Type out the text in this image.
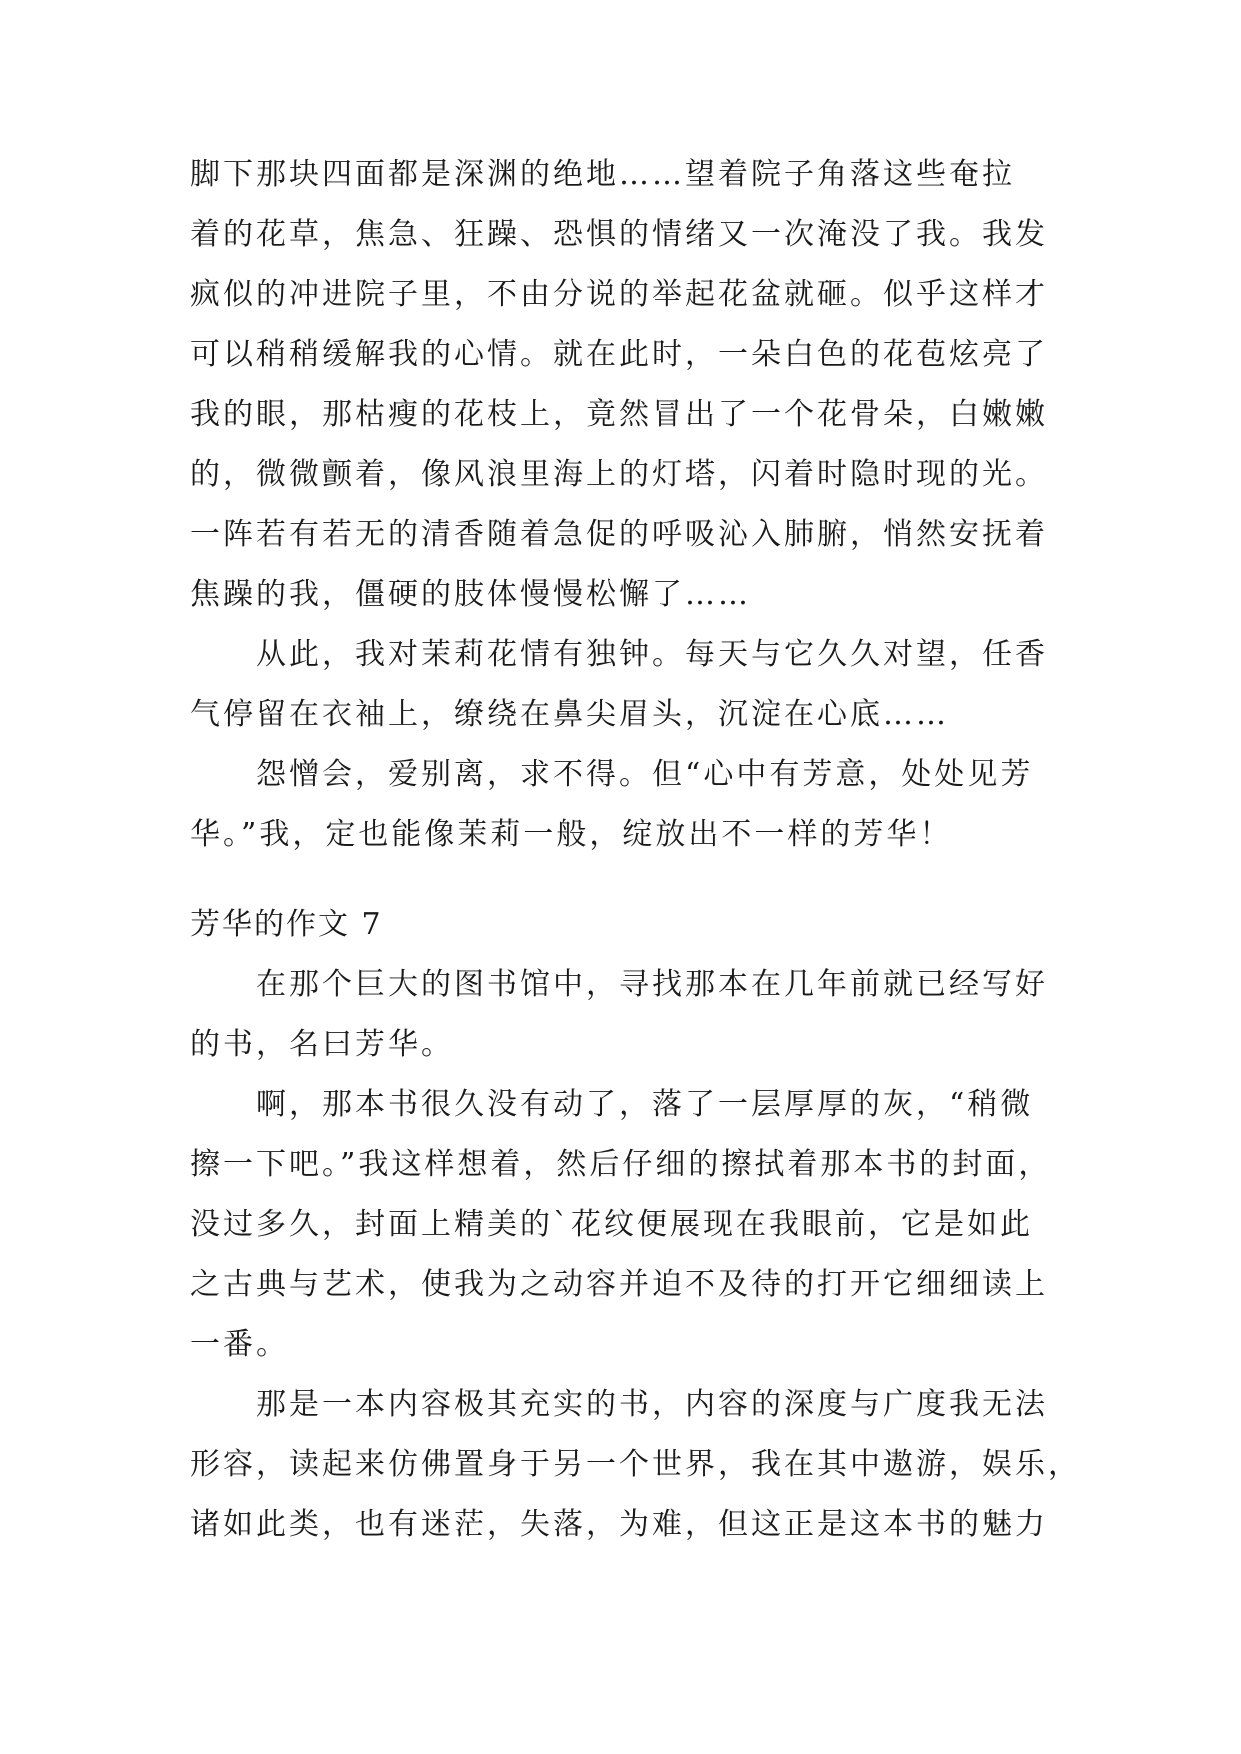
脚下那块四面都是深渊的绝地……望着院子角落这些奄拉
着的花草，焦急、狂躁、恐惧的情绪又一次淹没了我。我发
疯似的冲进院子里，不由分说的举起花盆就砸。似乎这样才
可以稍稍缓解我的心情。就在此时，一朵白色的花苞炫亮了
我的眼，那枯瘦的花枝上，竟然冒出了一个花骨朵，白嫩嫩
的，微微颤着，像风浪里海上的灯塔，闪着时隐时现的光。
一阵若有若无的清香随着急促的呼吸沁入肺腑，悄然安抚着
焦躁的我，僵硬的肢体慢慢松懈了……
从此，我对茉莉花情有独钟。每天与它久久对望，任香
气停留在衣袖上，缭绕在鼻尖眉头，沉淀在心底……
怨憎会，爱别离，求不得。但“心中有芳意，处处见芳
华。”我，定也能像茉莉一般，绽放出不一样的芳华！
芳华的作文 7
在那个巨大的图书馆中，寻找那本在几年前就已经写好
的书，名曰芳华。
啊，那本书很久没有动了，落了一层厚厚的灰，“稍微
擦一下吧。”我这样想着，然后仔细的擦拭着那本书的封面，
没过多久，封面上精美的`花纹便展现在我眼前，它是如此
之古典与艺术，使我为之动容并迫不及待的打开它细细读上
一番。
那是一本内容极其充实的书，内容的深度与广度我无法
形容，读起来仿佛置身于另一个世界，我在其中遨游，娱乐，
诸如此类，也有迷茫，失落，为难，但这正是这本书的魅力
